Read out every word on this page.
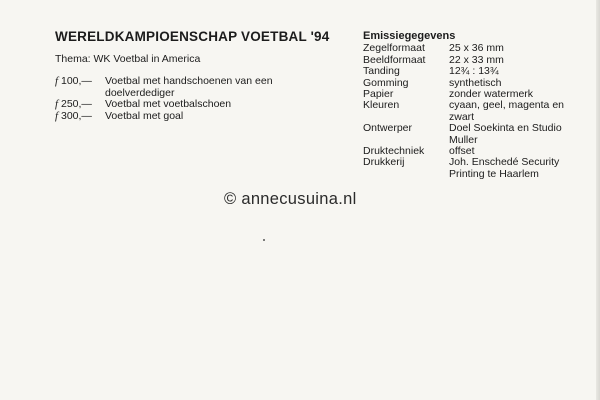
WERELDKAMPIOENSCHAP VOETBAL '94
Thema: WK Voetbal in America
f 100,—	Voetbal met handschoenen van een doelverdediger
f 250,—	Voetbal met voetbalschoen
f 300,—	Voetbal met goal
Emissiegegevens
Zegelformaat	25 x 36 mm
Beeldformaat	22 x 33 mm
Tanding	12¾ : 13¾
Gomming	synthetisch
Papier	zonder watermerk
Kleuren	cyaan, geel, magenta en zwart
Ontwerper	Doel Soekinta en Studio Muller
Druktechniek	offset
Drukkerij	Joh. Enschedé Security Printing te Haarlem
© annecusuina.nl
